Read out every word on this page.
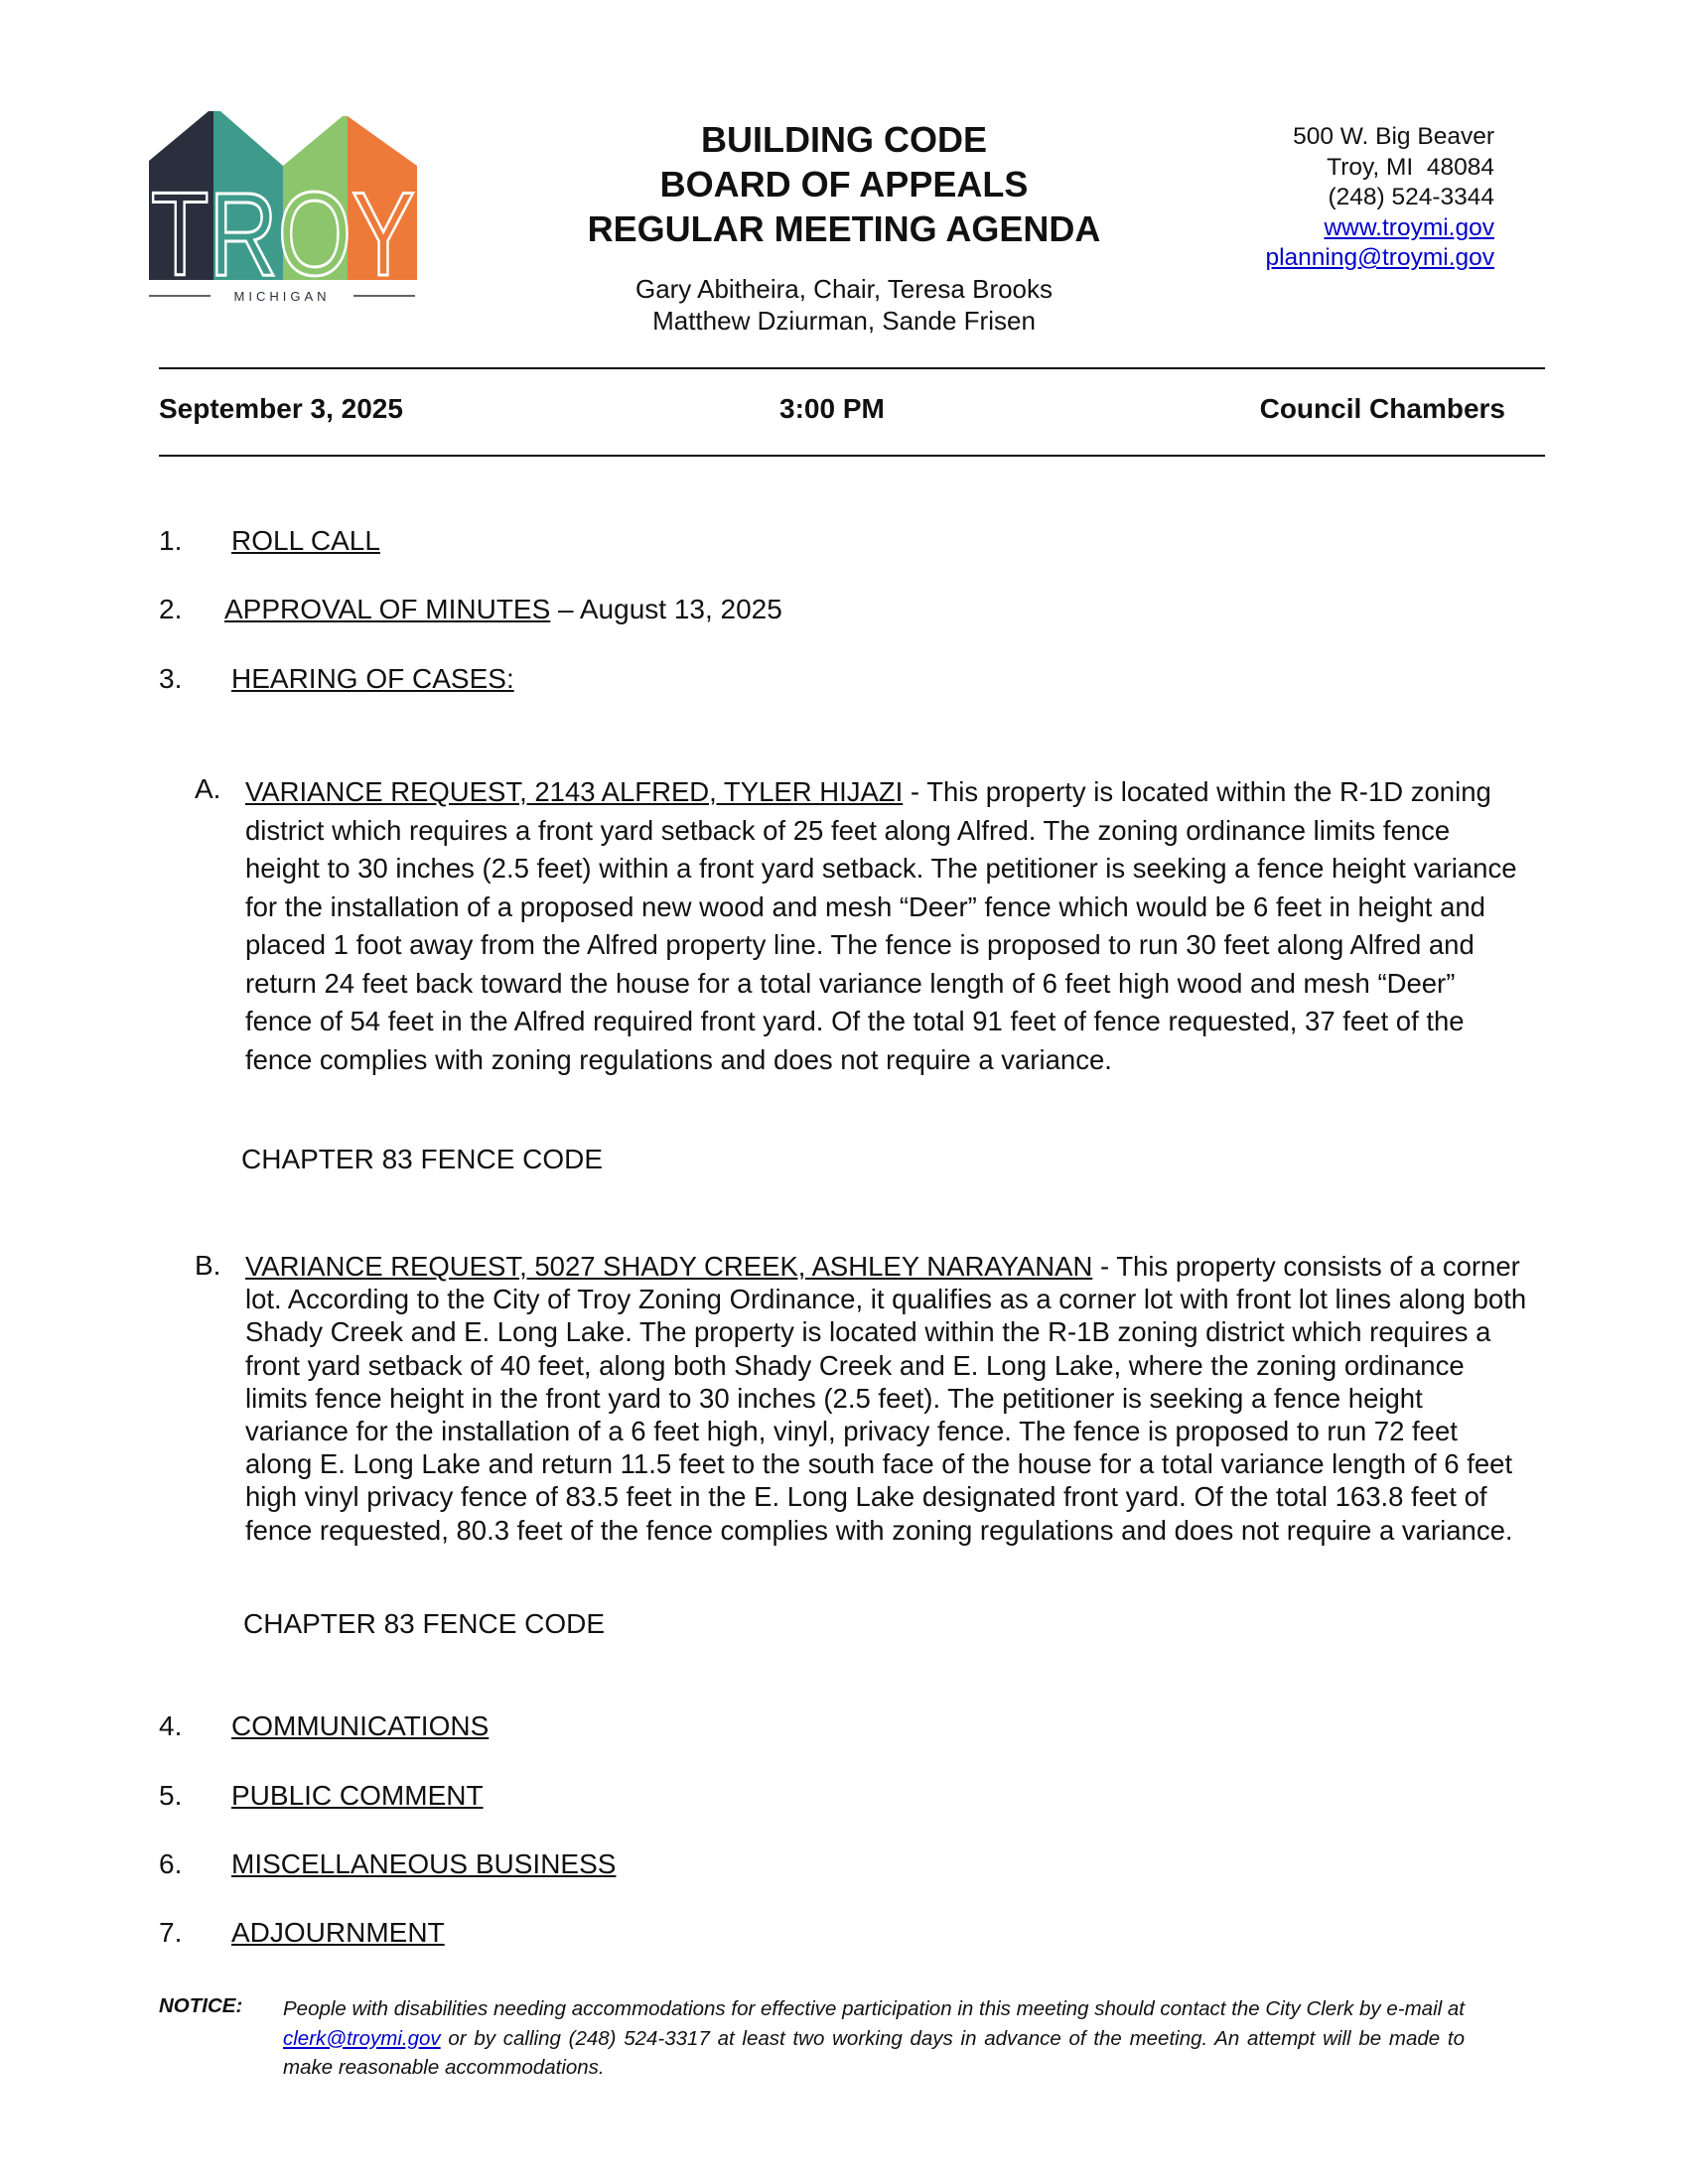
TROY
MICHIGAN
BUILDING CODE
BOARD OF APPEALS
REGULAR MEETING AGENDA
Gary Abitheira, Chair, Teresa Brooks
Matthew Dziurman, Sande Frisen
500 W. Big Beaver
Troy, MI  48084
(248) 524-3344
www.troymi.gov
planning@troymi.gov
September 3, 2025	3:00 PM	Council Chambers
1. ROLL CALL
2. APPROVAL OF MINUTES – August 13, 2025
3. HEARING OF CASES:
A. VARIANCE REQUEST, 2143 ALFRED, TYLER HIJAZI - This property is located within the R-1D zoning district which requires a front yard setback of 25 feet along Alfred. The zoning ordinance limits fence height to 30 inches (2.5 feet) within a front yard setback. The petitioner is seeking a fence height variance for the installation of a proposed new wood and mesh “Deer” fence which would be 6 feet in height and placed 1 foot away from the Alfred property line. The fence is proposed to run 30 feet along Alfred and return 24 feet back toward the house for a total variance length of 6 feet high wood and mesh “Deer” fence of 54 feet in the Alfred required front yard. Of the total 91 feet of fence requested, 37 feet of the fence complies with zoning regulations and does not require a variance.
CHAPTER 83 FENCE CODE
B. VARIANCE REQUEST, 5027 SHADY CREEK, ASHLEY NARAYANAN - This property consists of a corner lot. According to the City of Troy Zoning Ordinance, it qualifies as a corner lot with front lot lines along both Shady Creek and E. Long Lake. The property is located within the R-1B zoning district which requires a front yard setback of 40 feet, along both Shady Creek and E. Long Lake, where the zoning ordinance limits fence height in the front yard to 30 inches (2.5 feet). The petitioner is seeking a fence height variance for the installation of a 6 feet high, vinyl, privacy fence. The fence is proposed to run 72 feet along E. Long Lake and return 11.5 feet to the south face of the house for a total variance length of 6 feet high vinyl privacy fence of 83.5 feet in the E. Long Lake designated front yard. Of the total 163.8 feet of fence requested, 80.3 feet of the fence complies with zoning regulations and does not require a variance.
CHAPTER 83 FENCE CODE
4. COMMUNICATIONS
5. PUBLIC COMMENT
6. MISCELLANEOUS BUSINESS
7. ADJOURNMENT
NOTICE: People with disabilities needing accommodations for effective participation in this meeting should contact the City Clerk by e-mail at clerk@troymi.gov or by calling (248) 524-3317 at least two working days in advance of the meeting. An attempt will be made to make reasonable accommodations.
